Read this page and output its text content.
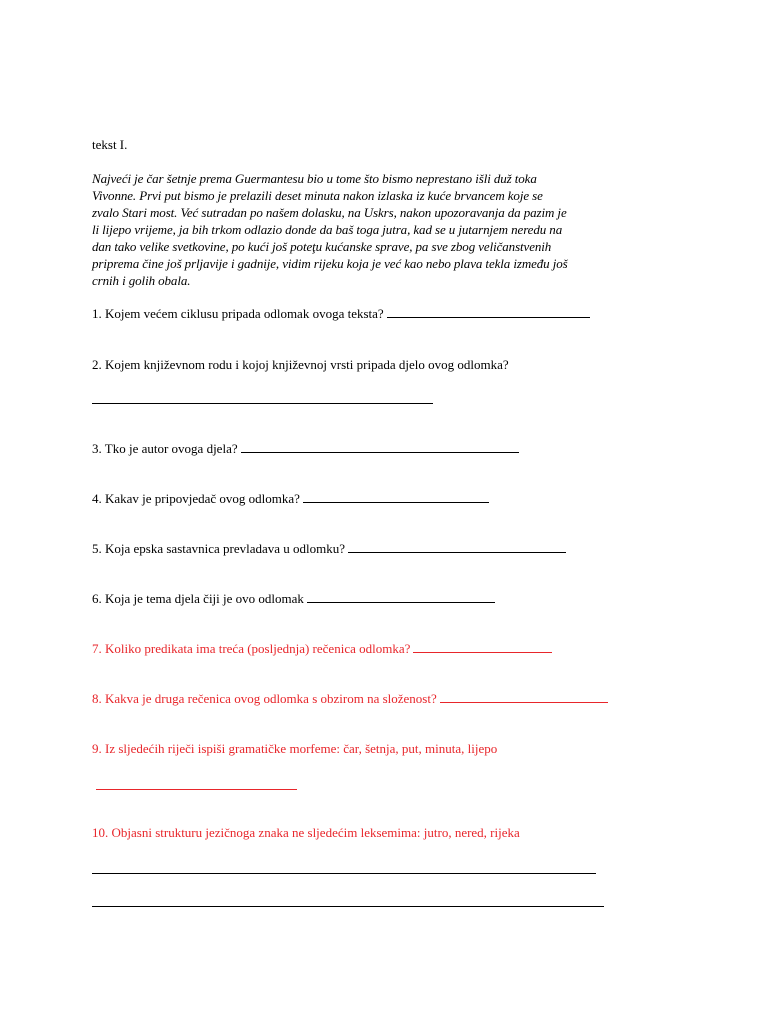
tekst I.
Najveći je čar šetnje prema Guermantesu bio u tome što bismo neprestano išli duž toka
Vivonne. Prvi put bismo je prelazili deset minuta nakon izlaska iz kuće brvancem koje se
zvalo Stari most. Već sutradan po našem dolasku, na Uskrs, nakon upozoravanja da pazim je
li lijepo vrijeme, ja bih trkom odlazio donde da baš toga jutra, kad se u jutarnjem neredu na
dan tako velike svetkovine, po kući još poteţu kućanske sprave, pa sve zbog veličanstvenih
priprema čine još prljavije i gadnije, vidim rijeku koja je već kao nebo plava tekla između još
crnih i golih obala.
1. Kojem većem ciklusu pripada odlomak ovoga teksta?
2. Kojem književnom rodu i kojoj književnoj vrsti pripada djelo ovog odlomka?
3. Tko je autor ovoga djela?
4. Kakav je pripovjedač ovog odlomka?
5. Koja epska sastavnica prevladava u odlomku?
6. Koja je tema djela čiji je ovo odlomak
7. Koliko predikata ima treća (posljednja) rečenica odlomka?
8. Kakva je druga rečenica ovog odlomka s obzirom na složenost?
9. Iz sljedećih riječi ispiši gramatičke morfeme: čar, šetnja, put, minuta, lijepo
10. Objasni strukturu jezičnoga znaka ne sljedećim leksemima: jutro, nered, rijeka
